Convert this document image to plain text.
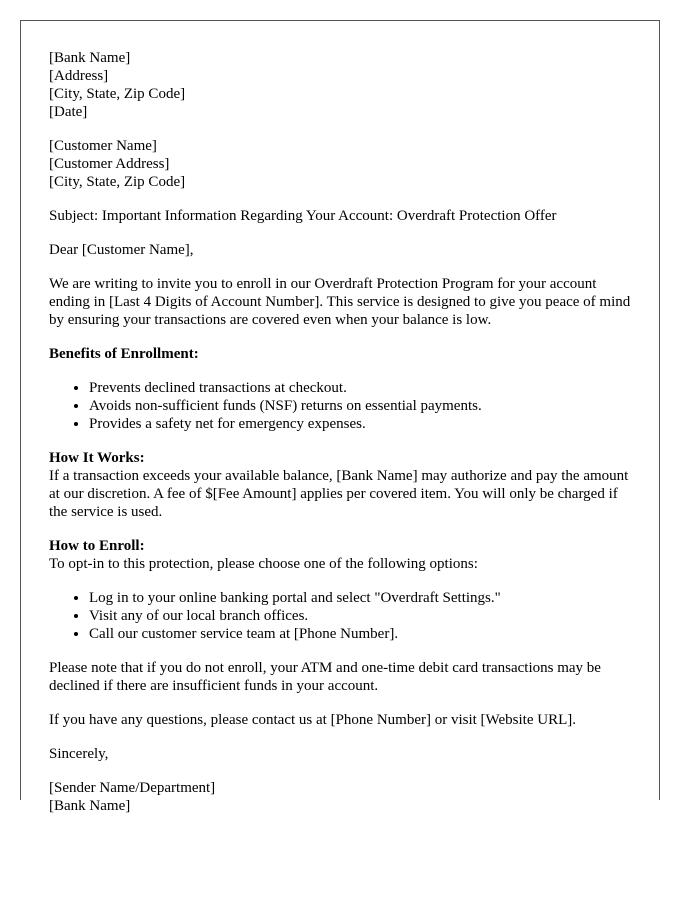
[Bank Name]
[Address]
[City, State, Zip Code]
[Date]
[Customer Name]
[Customer Address]
[City, State, Zip Code]

Subject: Important Information Regarding Your Account: Overdraft Protection Offer

Dear [Customer Name],

We are writing to invite you to enroll in our Overdraft Protection Program for your account ending in [Last 4 Digits of Account Number]. This service is designed to give you peace of mind by ensuring your transactions are covered even when your balance is low.

Benefits of Enrollment:

• Prevents declined transactions at checkout.
• Avoids non-sufficient funds (NSF) returns on essential payments.
• Provides a safety net for emergency expenses.

How It Works:
If a transaction exceeds your available balance, [Bank Name] may authorize and pay the amount at our discretion. A fee of $[Fee Amount] applies per covered item. You will only be charged if the service is used.

How to Enroll:
To opt-in to this protection, please choose one of the following options:

• Log in to your online banking portal and select "Overdraft Settings."
• Visit any of our local branch offices.
• Call our customer service team at [Phone Number].

Please note that if you do not enroll, your ATM and one-time debit card transactions may be declined if there are insufficient funds in your account.

If you have any questions, please contact us at [Phone Number] or visit [Website URL].

Sincerely,

[Sender Name/Department]
[Bank Name]
